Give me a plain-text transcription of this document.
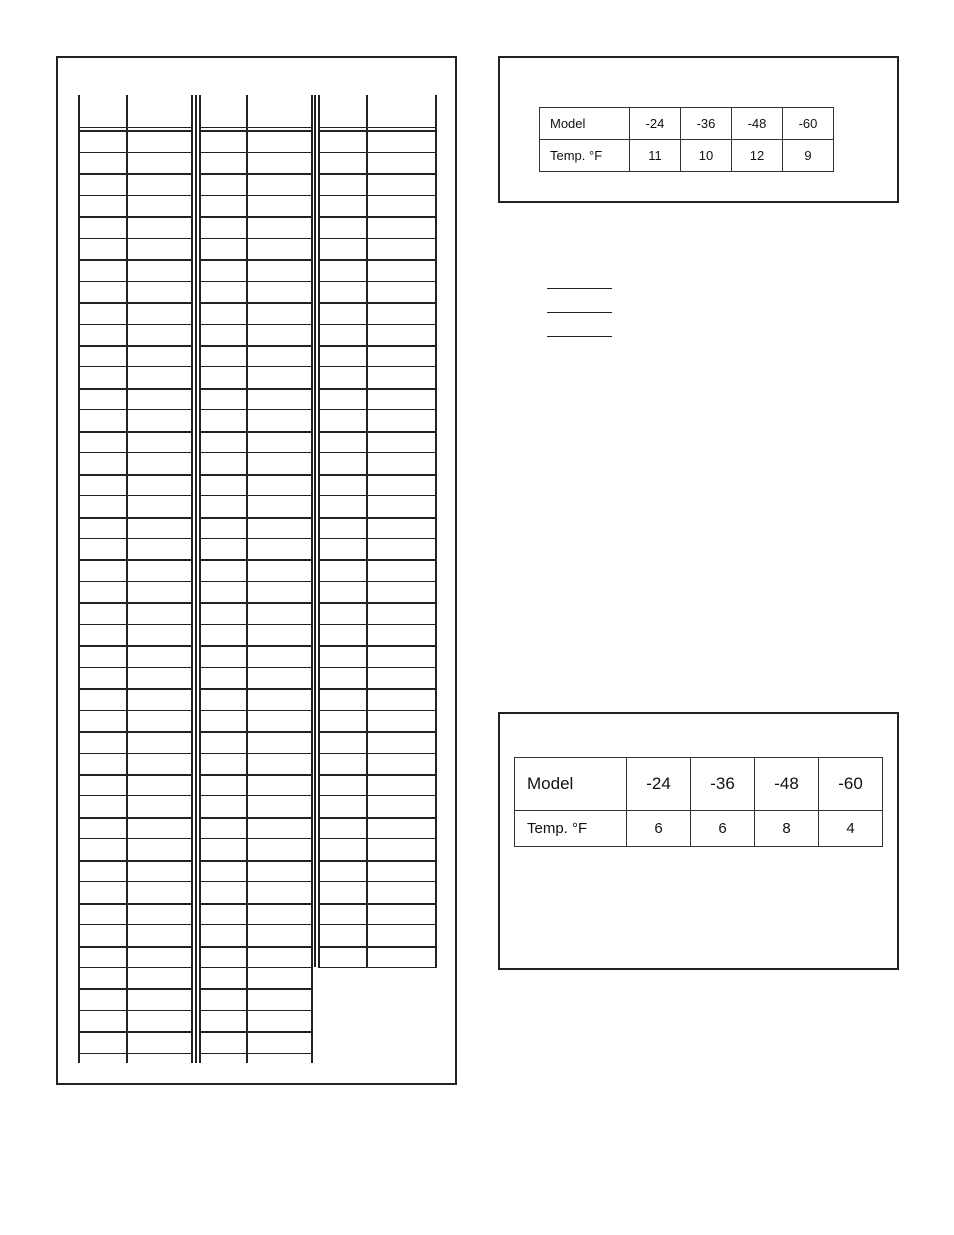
Model	-24	-36	-48	-60
Temp. °F	11	10	12	9
Model	-24	-36	-48	-60
Temp. °F	6	6	8	4
